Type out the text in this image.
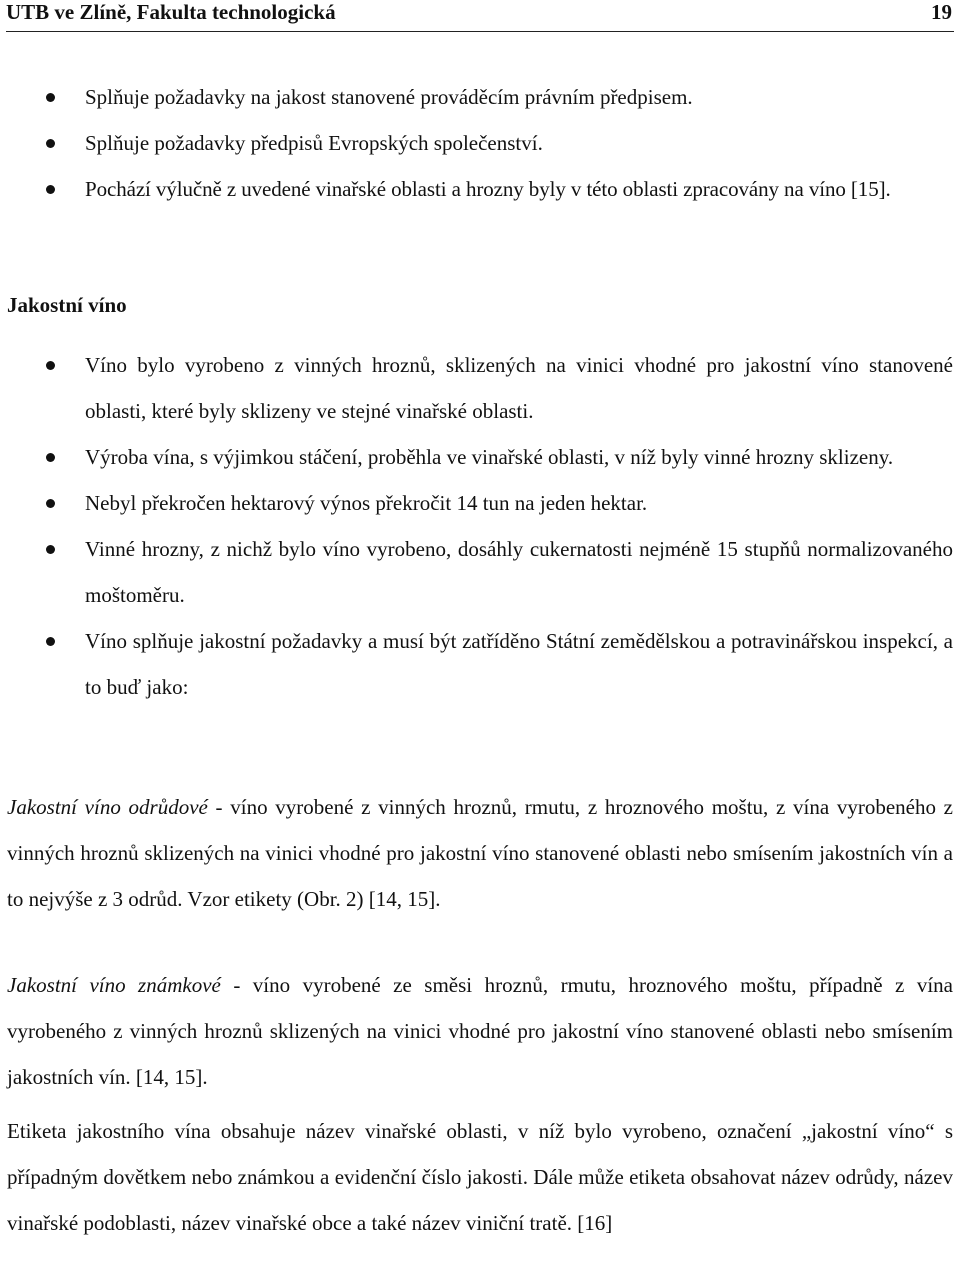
UTB ve Zlíně, Fakulta technologická	19
Splňuje požadavky na jakost stanovené prováděcím právním předpisem.
Splňuje požadavky předpisů Evropských společenství.
Pochází výlučně z uvedené vinařské oblasti a hrozny byly v této oblasti zpracovány na víno [15].
Jakostní víno
Víno bylo vyrobeno z vinných hroznů, sklizených na vinici vhodné pro jakostní víno stanovené oblasti, které byly sklizeny ve stejné vinařské oblasti.
Výroba vína, s výjimkou stáčení, proběhla ve vinařské oblasti, v níž byly vinné hrozny sklizeny.
Nebyl překročen hektarový výnos překročit 14 tun na jeden hektar.
Vinné hrozny, z nichž bylo víno vyrobeno, dosáhly cukernatosti nejméně 15 stupňů normalizovaného moštoměru.
Víno splňuje jakostní požadavky a musí být zatříděno Státní zemědělskou a potravinářskou inspekcí, a to buď jako:

Jakostní víno odrůdové - víno vyrobené z vinných hroznů, rmutu, z hroznového moštu, z vína vyrobeného z vinných hroznů sklizených na vinici vhodné pro jakostní víno stanovené oblasti nebo smísením jakostních vín a to nejvýše z 3 odrůd. Vzor etikety (Obr. 2) [14, 15].

Jakostní víno známkové - víno vyrobené ze směsi hroznů, rmutu, hroznového moštu, případně z vína vyrobeného z vinných hroznů sklizených na vinici vhodné pro jakostní víno stanovené oblasti nebo smísením jakostních vín. [14, 15].

Etiketa jakostního vína obsahuje název vinařské oblasti, v níž bylo vyrobeno, označení „jakostní víno“ s případným dovětkem nebo známkou a evidenční číslo jakosti. Dále může etiketa obsahovat název odrůdy, název vinařské podoblasti, název vinařské obce a také název viniční tratě. [16]
